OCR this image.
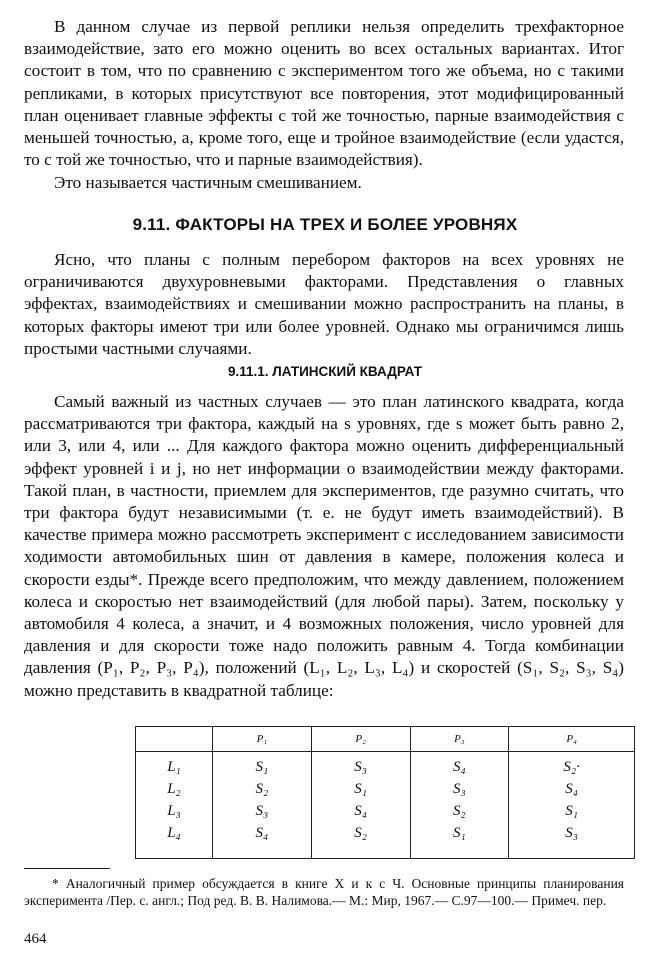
В данном случае из первой реплики нельзя определить трехфакторное взаимодействие, зато его можно оценить во всех остальных вариантах. Итог состоит в том, что по сравнению с экспериментом того же объема, но с такими репликами, в которых присутствуют все повторения, этот модифицированный план оценивает главные эффекты с той же точностью, парные взаимодействия с меньшей точностью, а, кроме того, еще и тройное взаимодействие (если удастся, то с той же точностью, что и парные взаимодействия).

Это называется частичным смешиванием.

9.11. ФАКТОРЫ НА ТРЕХ И БОЛЕЕ УРОВНЯХ

Ясно, что планы с полным перебором факторов на всех уровнях не ограничиваются двухуровневыми факторами. Представления о главных эффектах, взаимодействиях и смешивании можно распространить на планы, в которых факторы имеют три или более уровней. Однако мы ограничимся лишь простыми частными случаями.

9.11.1. ЛАТИНСКИЙ КВАДРАТ

Самый важный из частных случаев — это план латинского квадрата, когда рассматриваются три фактора, каждый на s уровнях, где s может быть равно 2, или 3, или 4, или ... Для каждого фактора можно оценить дифференциальный эффект уровней i и j, но нет информации о взаимодействии между факторами. Такой план, в частности, приемлем для экспериментов, где разумно считать, что три фактора будут независимыми (т. е. не будут иметь взаимодействий). В качестве примера можно рассмотреть эксперимент с исследованием зависимости ходимости автомобильных шин от давления в камере, положения колеса и скорости езды*. Прежде всего предположим, что между давлением, положением колеса и скоростью нет взаимодействий (для любой пары). Затем, поскольку у автомобиля 4 колеса, а значит, и 4 возможных положения, число уровней для давления и для скорости тоже надо положить равным 4. Тогда комбинации давления (P₁, P₂, P₃, P₄), положений (L₁, L₂, L₃, L₄) и скоростей (S₁, S₂, S₃, S₄) можно представить в квадратной таблице:

	P₁	P₂	P₃	P₄
L₁	S₁	S₃	S₄	S₂·
L₂	S₂	S₁	S₃	S₄
L₃	S₃	S₄	S₂	S₁
L₄	S₄	S₂	S₁	S₃

* Аналогичный пример обсуждается в книге Х и к с Ч. Основные принципы планирования эксперимента /Пер. с. англ.; Под ред. В. В. Налимова.— М.: Мир, 1967.— С.97—100.— Примеч. пер.

464
